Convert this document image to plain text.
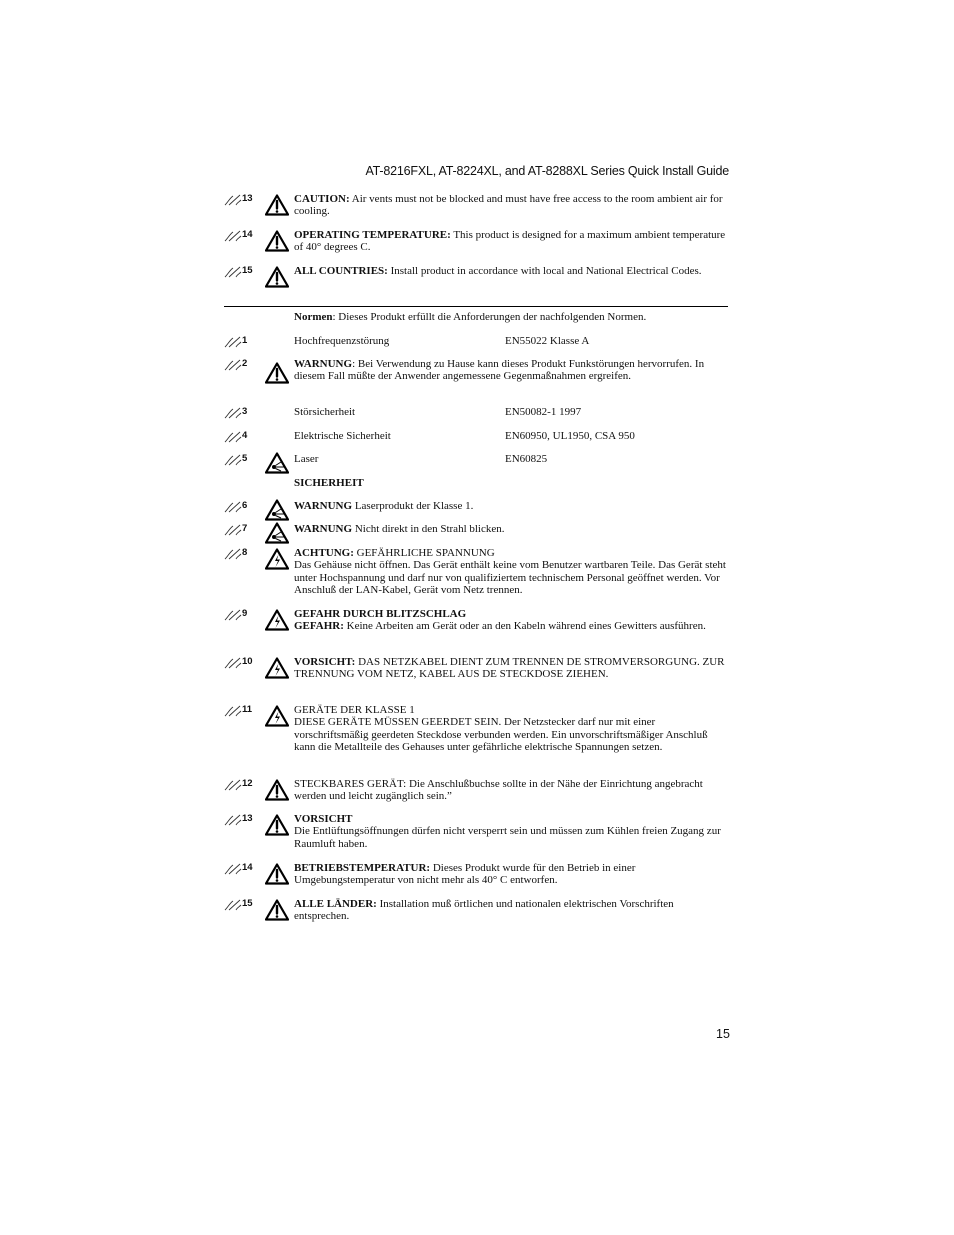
AT-8216FXL, AT-8224XL, and AT-8288XL Series Quick Install Guide
13	CAUTION: Air vents must not be blocked and must have free access to the room ambient air for cooling.
14	OPERATING TEMPERATURE: This product is designed for a maximum ambient temperature of 40° degrees C.
15	ALL COUNTRIES: Install product in accordance with local and National Electrical Codes.
Normen: Dieses Produkt erfüllt die Anforderungen der nachfolgenden Normen.
1	Hochfrequenzstörung	EN55022 Klasse A
2	WARNUNG: Bei Verwendung zu Hause kann dieses Produkt Funkstörungen hervorrufen. In diesem Fall müßte der Anwender angemessene Gegenmaßnahmen ergreifen.
3	Störsicherheit	EN50082-1 1997
4	Elektrische Sicherheit	EN60950, UL1950, CSA 950
5	Laser	EN60825
SICHERHEIT
6	WARNUNG Laserprodukt der Klasse 1.
7	WARNUNG Nicht direkt in den Strahl blicken.
8	ACHTUNG: GEFÄHRLICHE SPANNUNG
Das Gehäuse nicht öffnen. Das Gerät enthält keine vom Benutzer wartbaren Teile. Das Gerät steht unter Hochspannung und darf nur von qualifiziertem technischem Personal geöffnet werden. Vor Anschluß der LAN-Kabel, Gerät vom Netz trennen.
9	GEFAHR DURCH BLITZSCHLAG
GEFAHR: Keine Arbeiten am Gerät oder an den Kabeln während eines Gewitters ausführen.
10	VORSICHT: DAS NETZKABEL DIENT ZUM TRENNEN DE STROMVERSORGUNG. ZUR TRENNUNG VOM NETZ, KABEL AUS DE STECKDOSE ZIEHEN.
11	GERÄTE DER KLASSE 1
DIESE GERÄTE MÜSSEN GEERDET SEIN. Der Netzstecker darf nur mit einer vorschriftsmäßig geerdeten Steckdose verbunden werden. Ein unvorschriftsmäßiger Anschluß kann die Metallteile des Gehauses unter gefährliche elektrische Spannungen setzen.
12	STECKBARES GERÄT: Die Anschlußbuchse sollte in der Nähe der Einrichtung angebracht werden und leicht zugänglich sein.”
13	VORSICHT
Die Entlüftungsöffnungen dürfen nicht versperrt sein und müssen zum Kühlen freien Zugang zur Raumluft haben.
14	BETRIEBSTEMPERATUR: Dieses Produkt wurde für den Betrieb in einer Umgebungstemperatur von nicht mehr als 40° C entworfen.
15	ALLE LÄNDER: Installation muß örtlichen und nationalen elektrischen Vorschriften entsprechen.
15
